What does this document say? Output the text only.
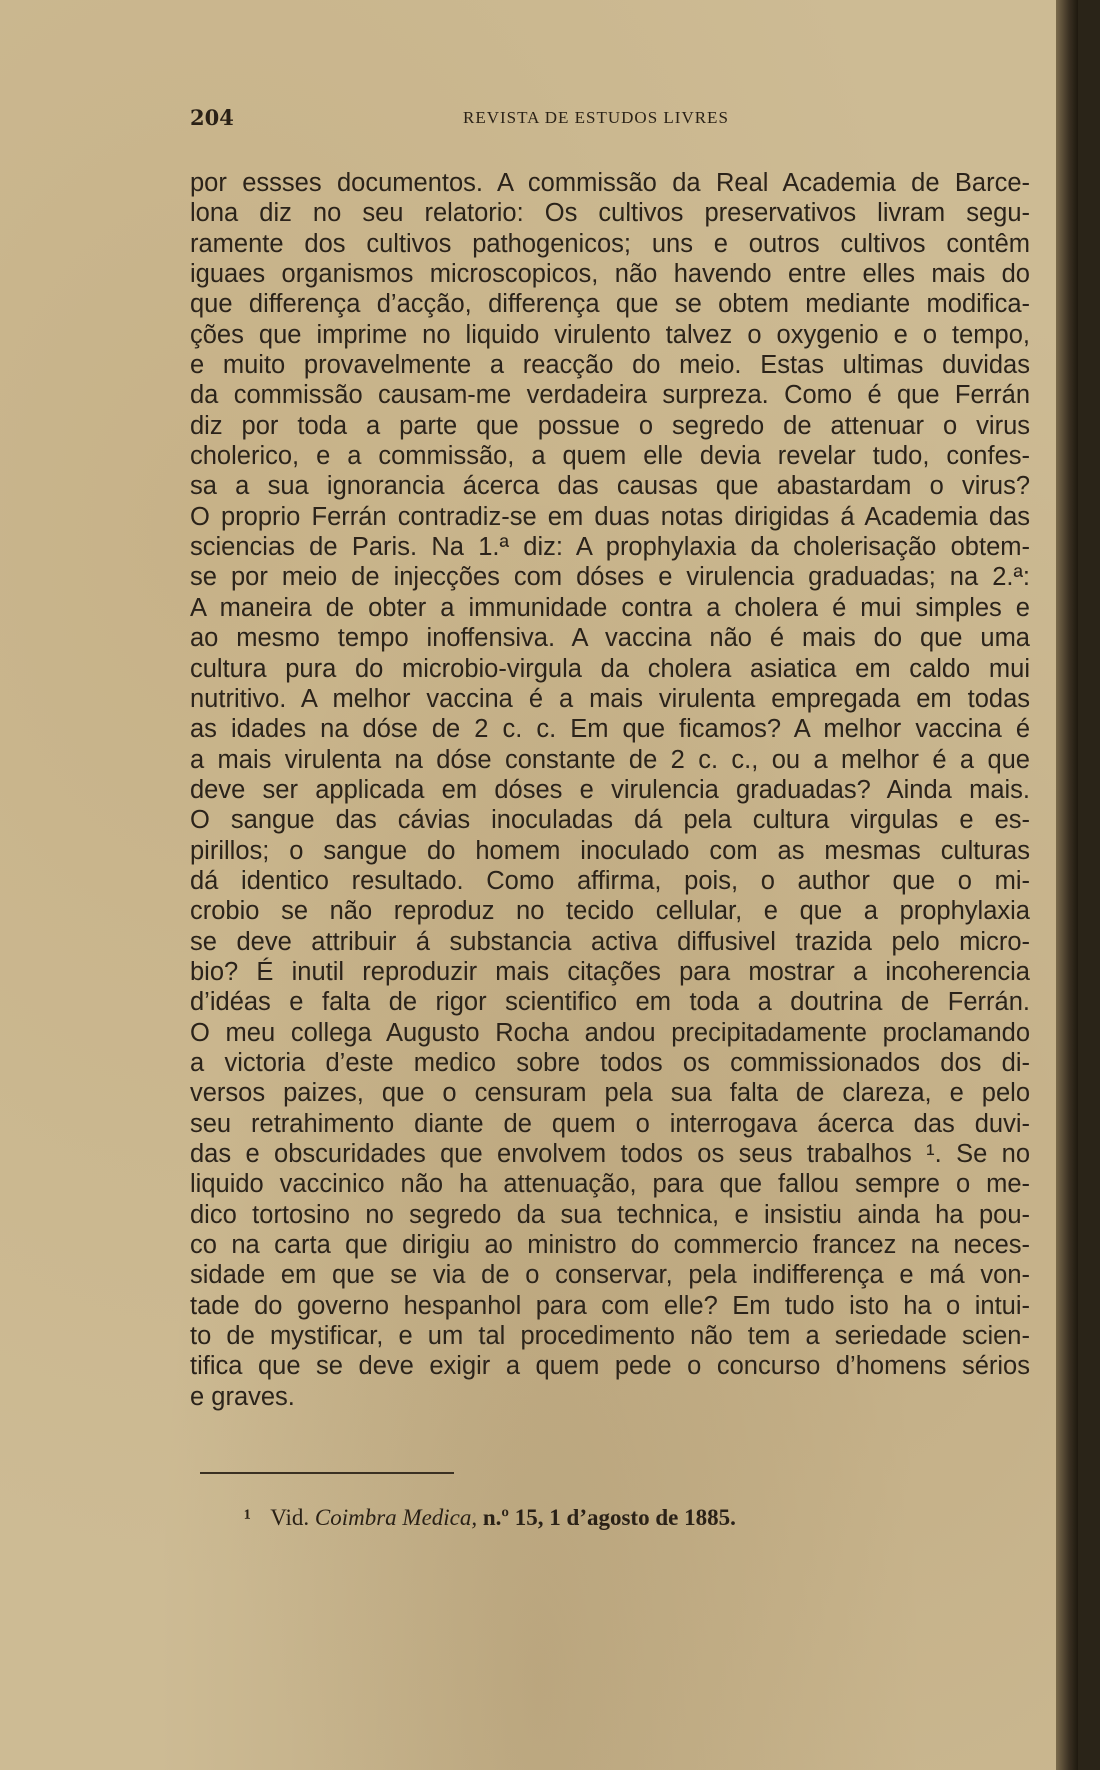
204	REVISTA DE ESTUDOS LIVRES
por essses documentos. A commissão da Real Academia de Barce-
lona diz no seu relatorio: Os cultivos preservativos livram segu-
ramente dos cultivos pathogenicos; uns e outros cultivos contêm
iguaes organismos microscopicos, não havendo entre elles mais do
que differença d’acção, differença que se obtem mediante modifica-
ções que imprime no liquido virulento talvez o oxygenio e o tempo,
e muito provavelmente a reacção do meio. Estas ultimas duvidas
da commissão causam-me verdadeira surpreza. Como é que Ferrán
diz por toda a parte que possue o segredo de attenuar o virus
cholerico, e a commissão, a quem elle devia revelar tudo, confes-
sa a sua ignorancia ácerca das causas que abastardam o virus?
O proprio Ferrán contradiz-se em duas notas dirigidas á Academia das
sciencias de Paris. Na 1.ª diz: A prophylaxia da cholerisação obtem-
se por meio de injecções com dóses e virulencia graduadas; na 2.ª:
A maneira de obter a immunidade contra a cholera é mui simples e
ao mesmo tempo inoffensiva. A vaccina não é mais do que uma
cultura pura do microbio-virgula da cholera asiatica em caldo mui
nutritivo. A melhor vaccina é a mais virulenta empregada em todas
as idades na dóse de 2 c. c. Em que ficamos? A melhor vaccina é
a mais virulenta na dóse constante de 2 c. c., ou a melhor é a que
deve ser applicada em dóses e virulencia graduadas? Ainda mais.
O sangue das cávias inoculadas dá pela cultura virgulas e es-
pirillos; o sangue do homem inoculado com as mesmas culturas
dá identico resultado. Como affirma, pois, o author que o mi-
crobio se não reproduz no tecido cellular, e que a prophylaxia
se deve attribuir á substancia activa diffusivel trazida pelo micro-
bio? É inutil reproduzir mais citações para mostrar a incoherencia
d’idéas e falta de rigor scientifico em toda a doutrina de Ferrán.
O meu collega Augusto Rocha andou precipitadamente proclamando
a victoria d’este medico sobre todos os commissionados dos di-
versos paizes, que o censuram pela sua falta de clareza, e pelo
seu retrahimento diante de quem o interrogava ácerca das duvi-
das e obscuridades que envolvem todos os seus trabalhos ¹. Se no
liquido vaccinico não ha attenuação, para que fallou sempre o me-
dico tortosino no segredo da sua technica, e insistiu ainda ha pou-
co na carta que dirigiu ao ministro do commercio francez na neces-
sidade em que se via de o conservar, pela indifferença e má von-
tade do governo hespanhol para com elle? Em tudo isto ha o intui-
to de mystificar, e um tal procedimento não tem a seriedade scien-
tifica que se deve exigir a quem pede o concurso d’homens sérios
e graves.
¹ Vid. Coimbra Medica, n.º 15, 1 d’agosto de 1885.
